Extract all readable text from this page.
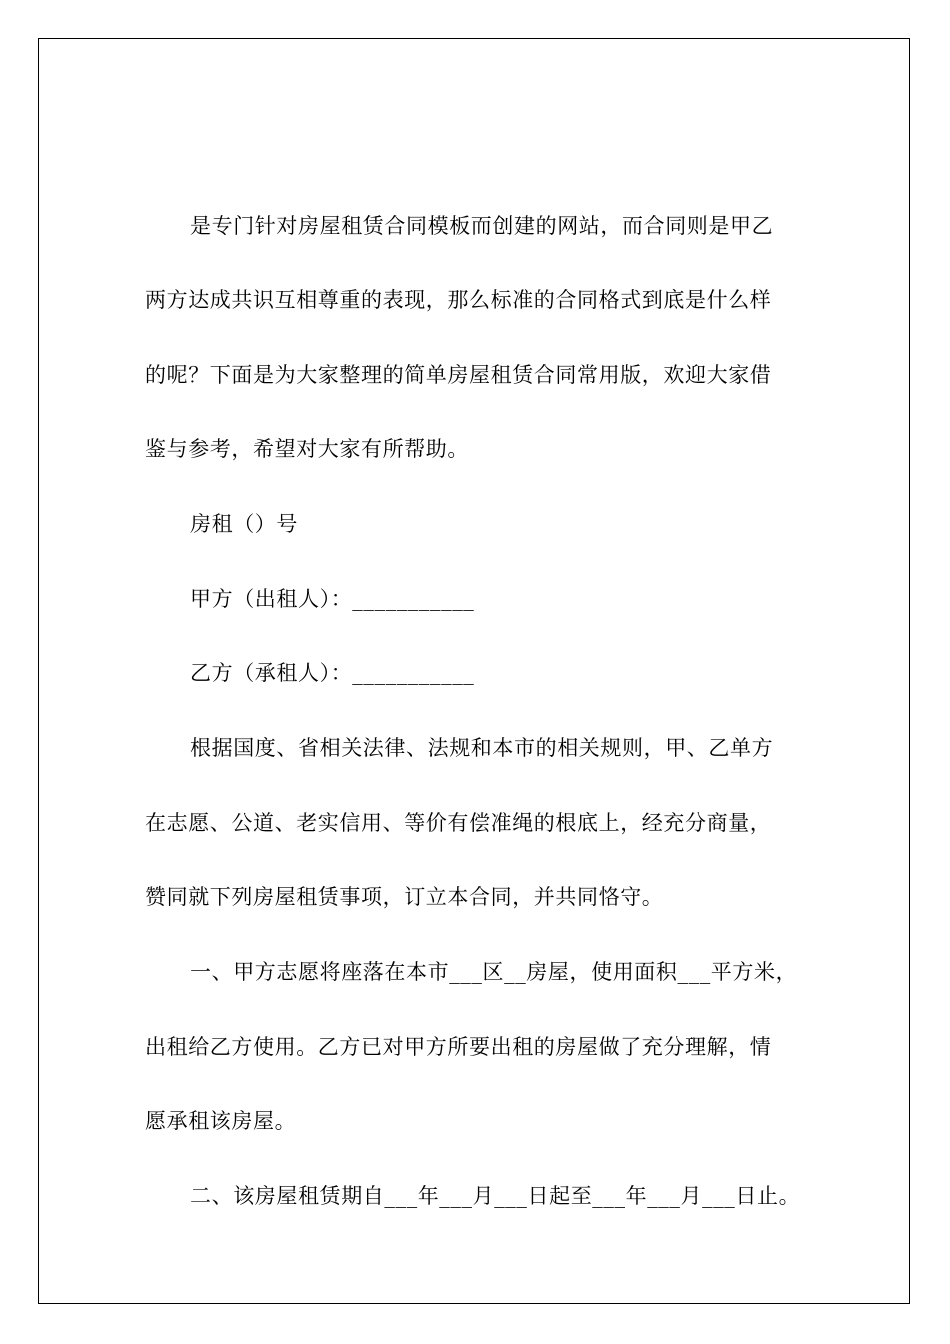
是专门针对房屋租赁合同模板而创建的网站，而合同则是甲乙
两方达成共识互相尊重的表现，那么标准的合同格式到底是什么样
的呢？下面是为大家整理的简单房屋租赁合同常用版，欢迎大家借
鉴与参考，希望对大家有所帮助。
房租（）号
甲方（出租人）：___________
乙方（承租人）：___________
根据国度、省相关法律、法规和本市的相关规则，甲、乙单方
在志愿、公道、老实信用、等价有偿准绳的根底上，经充分商量，
赞同就下列房屋租赁事项，订立本合同，并共同恪守。
一、甲方志愿将座落在本市___区__房屋，使用面积___平方米，
出租给乙方使用。乙方已对甲方所要出租的房屋做了充分理解，情
愿承租该房屋。
二、该房屋租赁期自___年___月___日起至___年___月___日止。
